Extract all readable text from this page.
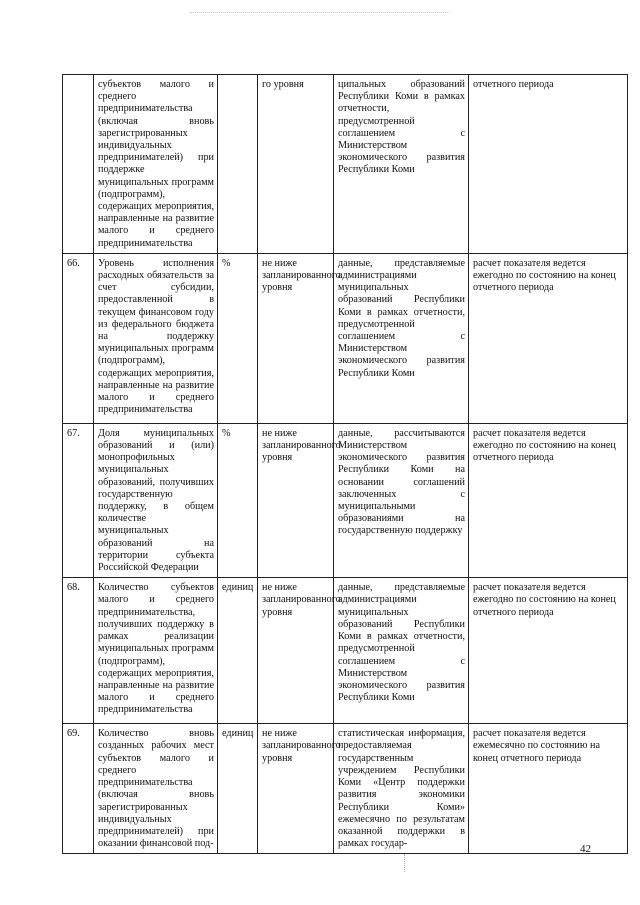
	субъектов малого и среднего предпринимательства (включая вновь зарегистрированных индивидуальных предпринимателей) при поддержке муниципальных программ (подпрограмм), содержащих мероприятия, направленные на развитие малого и среднего предпринимательства		го уровня	ципальных образований Республики Коми в рамках отчетности, предусмотренной соглашением с Министерством экономического развития Республики Коми	отчетного периода
66.	Уровень исполнения расходных обязательств за счет субсидии, предоставленной в текущем финансовом году из федерального бюджета на поддержку муниципальных программ (подпрограмм), содержащих мероприятия, направленные на развитие малого и среднего предпринимательства	%	не ниже запланированного уровня	данные, представляемые администрациями муниципальных образований Республики Коми в рамках отчетности, предусмотренной соглашением с Министерством экономического развития Республики Коми	расчет показателя ведется ежегодно по состоянию на конец отчетного периода
67.	Доля муниципальных образований и (или) монопрофильных муниципальных образований, получивших государственную поддержку, в общем количестве муниципальных образований на территории субъекта Российской Федерации	%	не ниже запланированного уровня	данные, рассчитываются Министерством экономического развития Республики Коми на основании соглашений заключенных с муниципальными образованиями на государственную поддержку	расчет показателя ведется ежегодно по состоянию на конец отчетного периода
68.	Количество субъектов малого и среднего предпринимательства, получивших поддержку в рамках реализации муниципальных программ (подпрограмм), содержащих мероприятия, направленные на развитие малого и среднего предпринимательства	единиц	не ниже запланированного уровня	данные, представляемые администрациями муниципальных образований Республики Коми в рамках отчетности, предусмотренной соглашением с Министерством экономического развития Республики Коми	расчет показателя ведется ежегодно по состоянию на конец отчетного периода
69.	Количество вновь созданных рабочих мест субъектов малого и среднего предпринимательства (включая вновь зарегистрированных индивидуальных предпринимателей) при оказании финансовой под-	единиц	не ниже запланированного уровня	статистическая информация, предоставляемая государственным учреждением Республики Коми «Центр поддержки развития экономики Республики Коми» ежемесячно по результатам оказанной поддержки в рамках государ-	расчет показателя ведется ежемесячно по состоянию на конец отчетного периода
42
